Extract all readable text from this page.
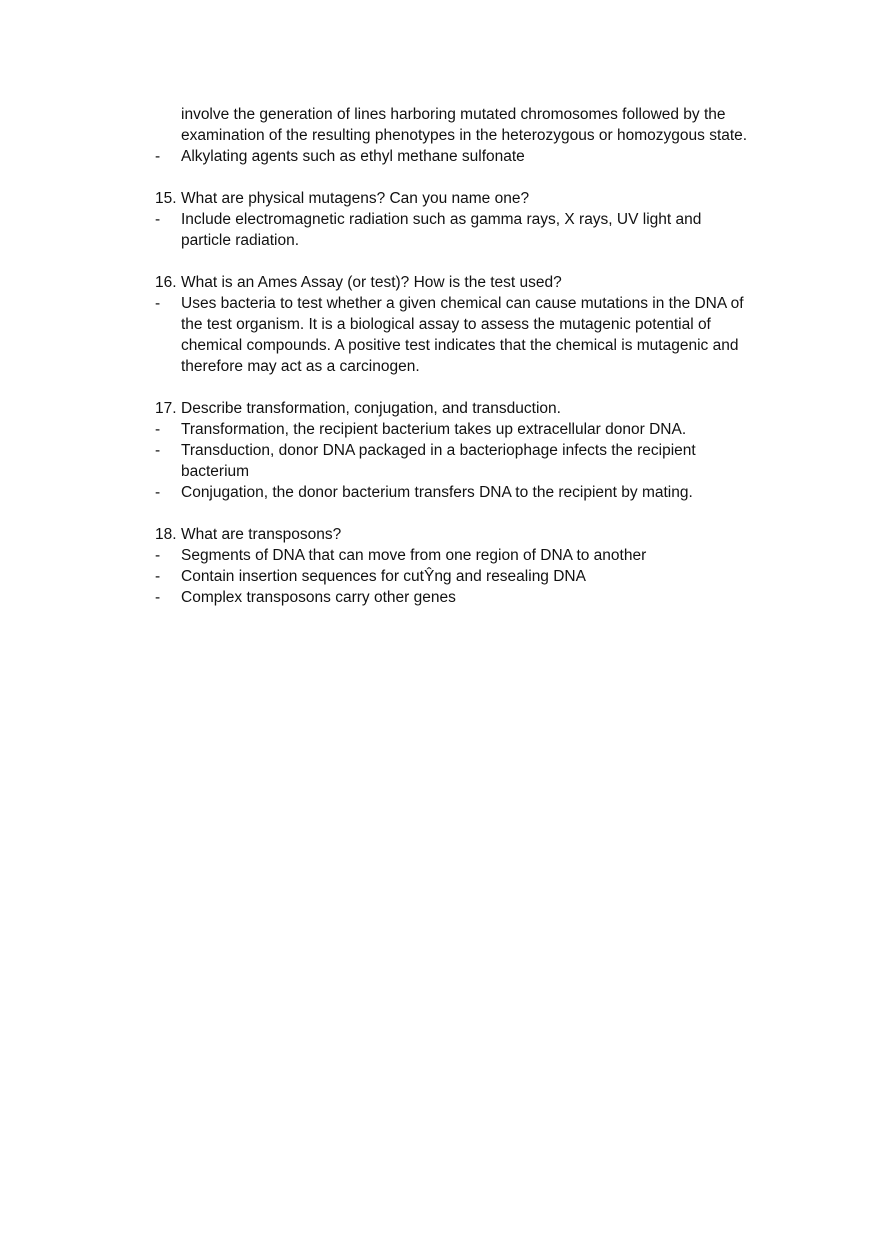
involve the generation of lines harboring mutated chromosomes followed by the examination of the resulting phenotypes in the heterozygous or homozygous state.

-	Alkylating agents such as ethyl methane sulfonate
15. What are physical mutagens? Can you name one?
-	Include electromagnetic radiation such as gamma rays, X rays, UV light and particle radiation.
16. What is an Ames Assay (or test)? How is the test used?
-	Uses bacteria to test whether a given chemical can cause mutations in the DNA of the test organism. It is a biological assay to assess the mutagenic potential of chemical compounds. A positive test indicates that the chemical is mutagenic and therefore may act as a carcinogen.
17. Describe transformation, conjugation, and transduction.
-	Transformation, the recipient bacterium takes up extracellular donor DNA.
-	Transduction, donor DNA packaged in a bacteriophage infects the recipient bacterium
-	Conjugation, the donor bacterium transfers DNA to the recipient by mating.
18. What are transposons?
-	Segments of DNA that can move from one region of DNA to another
-	Contain insertion sequences for cutŶng and resealing DNA
-	Complex transposons carry other genes
